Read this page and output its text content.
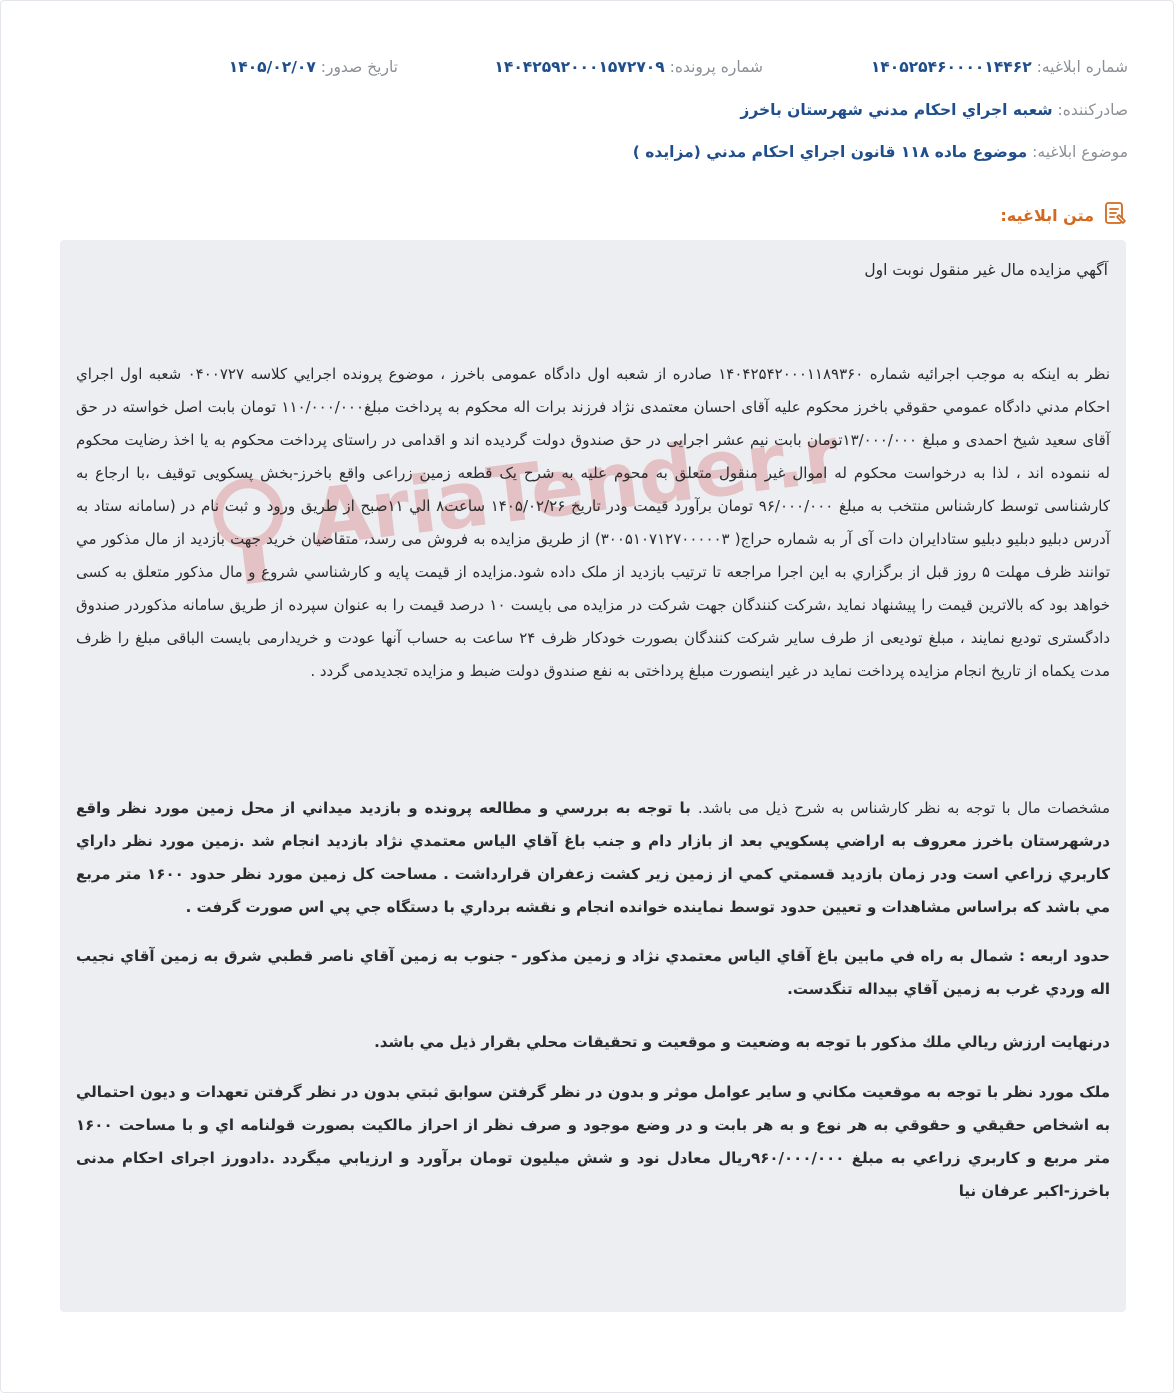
شماره ابلاغیه: ۱۴۰۵۲۵۴۶۰۰۰۰۱۴۴۶۲
شماره پرونده: ۱۴۰۴۲۵۹۲۰۰۰۱۵۷۲۷۰۹
تاریخ صدور: ۱۴۰۵/۰۲/۰۷
صادرکننده: شعبه اجراي احکام مدني شهرستان باخرز
موضوع ابلاغیه: موضوع ماده ۱۱۸ قانون اجراي احکام مدني (مزايده )
متن ابلاغیه:
AriaTender.neT
آگهي مزايده مال غير منقول نوبت اول
نظر به اینکه به موجب اجرائیه شماره ۱۴۰۴۲۵۴۲۰۰۰۱۱۸۹۳۶۰ صادره از شعبه اول دادگاه عمومی باخرز ، موضوع پرونده اجرايي کلاسه ۰۴۰۰۷۲۷ شعبه اول اجراي احکام مدني دادگاه عمومي حقوقي باخرز محکوم علیه آقای احسان معتمدی نژاد فرزند برات اله محکوم به پرداخت مبلغ۱۱۰/۰۰۰/۰۰۰ تومان بابت اصل خواسته در حق آقای سعید شیخ احمدی و مبلغ ۱۳/۰۰۰/۰۰۰تومان بابت نیم عشر اجرایی در حق صندوق دولت گردیده اند و اقدامی در راستای پرداخت محکوم به یا اخذ رضایت محکوم له ننموده اند ، لذا به درخواست محکوم له اموال غیر منقول متعلق به محوم علیه به شرح یک قطعه زمین زراعی واقع باخرز-بخش پسکویی توقیف ،با ارجاع به کارشناسی توسط کارشناس منتخب به مبلغ ۹۶/۰۰۰/۰۰۰ تومان برآورد قیمت ودر تاریخ ۱۴۰۵/۰۲/۲۶ ساعت۸ الي ۱۱صبح از طريق ورود و ثبت نام در (سامانه ستاد به آدرس دبليو دبليو دبليو ستادايران دات آی آر به شماره حراج( ۳۰۰۵۱۰۷۱۲۷۰۰۰۰۰۳) از طريق مزايده به فروش می رسد، متقاضيان خريد جهت بازديد از مال مذکور مي توانند ظرف مهلت ۵ روز قبل از برگزاري به اين اجرا مراجعه تا ترتيب بازديد از ملک داده شود.مزايده از قيمت پايه و کارشناسي شروع و مال مذکور متعلق به کسی خواهد بود که بالاترين قيمت را پيشنهاد نمايد ،شرکت کنندگان جهت شرکت در مزايده می بايست ۱۰ درصد قيمت را به عنوان سپرده از طريق سامانه مذکوردر صندوق دادگستری توديع نمايند ، مبلغ توديعی از طرف ساير شرکت کنندگان بصورت خودکار ظرف ۲۴ ساعت به حساب آنها عودت و خريدارمی بايست الباقی مبلغ را ظرف مدت يکماه از تاريخ انجام مزايده پرداخت نمايد در غير اينصورت مبلغ پرداختی به نفع صندوق دولت ضبط و مزايده تجديدمی گردد .
مشخصات مال با توجه به نظر کارشناس به شرح ذيل می باشد. با توجه به بررسي و مطالعه پرونده و بازديد ميداني از محل زمين مورد نظر واقع درشهرستان باخرز معروف به اراضي پسکويي بعد از بازار دام و جنب باغ آقاي الياس معتمدي نژاد بازديد انجام شد .زمين مورد نظر داراي کاربري زراعي است ودر زمان بازديد قسمتي کمي از زمين زير کشت زعفران قرارداشت . مساحت کل زمين مورد نظر حدود ۱۶۰۰ متر مربع مي باشد که براساس مشاهدات و تعيين حدود توسط نماينده خوانده انجام و نقشه برداري با دستگاه جي پي اس صورت گرفت .
حدود اربعه : شمال به راه في مابين باغ آقاي الياس معتمدي نژاد و زمين مذکور - جنوب به زمين آقاي ناصر قطبي شرق به زمين آقاي نجيب اله وردي غرب به زمين آقاي بيداله تنگدست.
درنهايت ارزش ريالي ملك مذكور با توجه به وضعيت و موقعيت و تحقيقات محلي بقرار ذيل مي باشد.
ملک مورد نظر با توجه به موقعيت مکاني و ساير عوامل موثر و بدون در نظر گرفتن سوابق ثبتي بدون در نظر گرفتن تعهدات و ديون احتمالي به اشخاص حقيقي و حقوقي به هر نوع و به هر بابت و در وضع موجود و صرف نظر از احراز مالکيت بصورت قولنامه اي و با مساحت ۱۶۰۰ متر مربع و کاربري زراعي به مبلغ ۹۶۰/۰۰۰/۰۰۰ريال معادل نود و شش ميليون تومان برآورد و ارزيابي ميگردد .دادورز اجرای احکام مدنی باخرز-اکبر عرفان نیا
